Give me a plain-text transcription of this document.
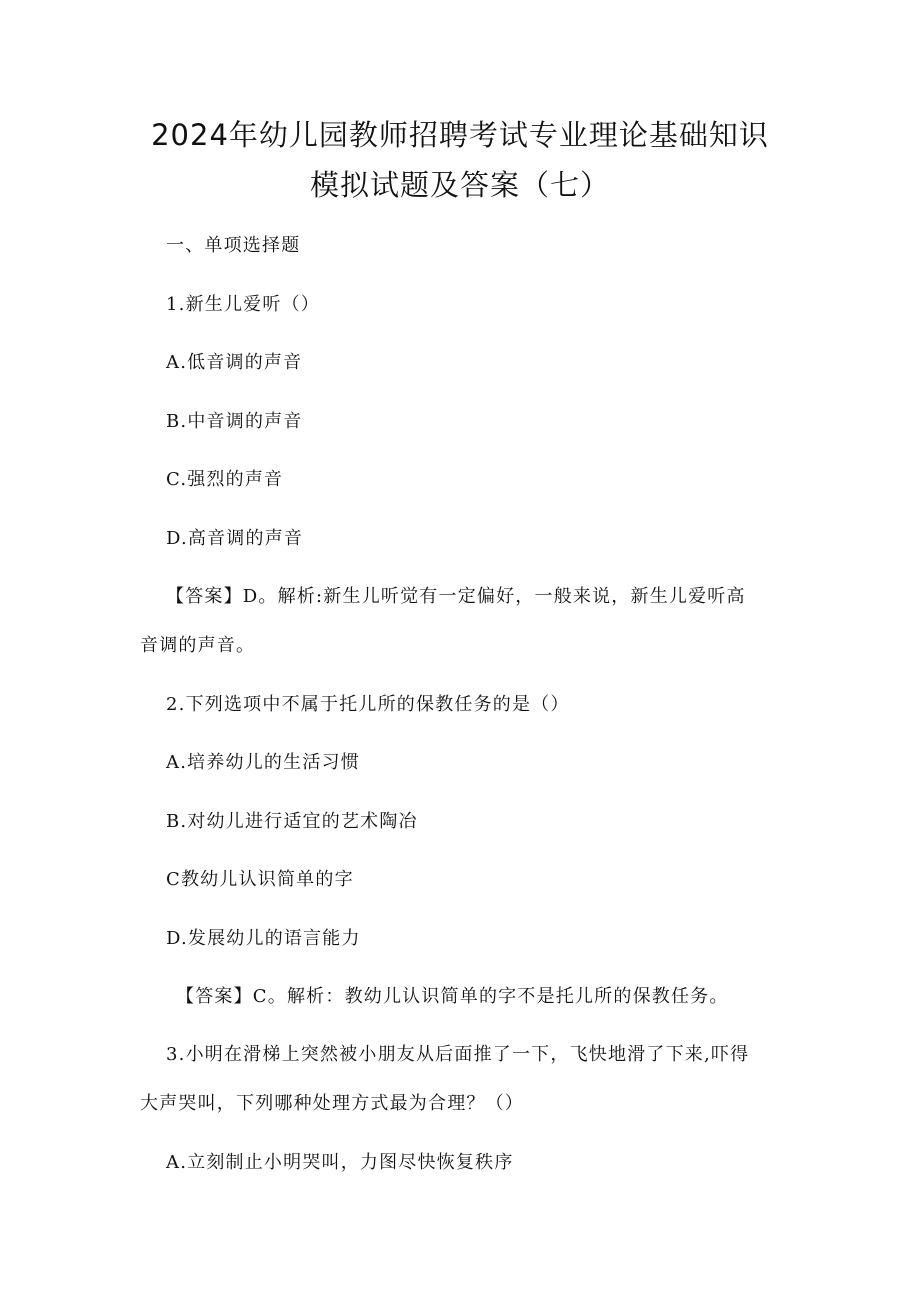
2024年幼儿园教师招聘考试专业理论基础知识
模拟试题及答案（七）
一、单项选择题
1.新生儿爱听（）
A.低音调的声音
B.中音调的声音
C.强烈的声音
D.高音调的声音
【答案】D。解析:新生儿听觉有一定偏好，一般来说，新生儿爱听高
音调的声音。
2.下列选项中不属于托儿所的保教任务的是（）
A.培养幼儿的生活习惯
B.对幼儿进行适宜的艺术陶冶
C教幼儿认识简单的字
D.发展幼儿的语言能力
【答案】C。解析：教幼儿认识简单的字不是托儿所的保教任务。
3.小明在滑梯上突然被小朋友从后面推了一下，飞快地滑了下来,吓得
大声哭叫，下列哪种处理方式最为合理？（）
A.立刻制止小明哭叫，力图尽快恢复秩序
